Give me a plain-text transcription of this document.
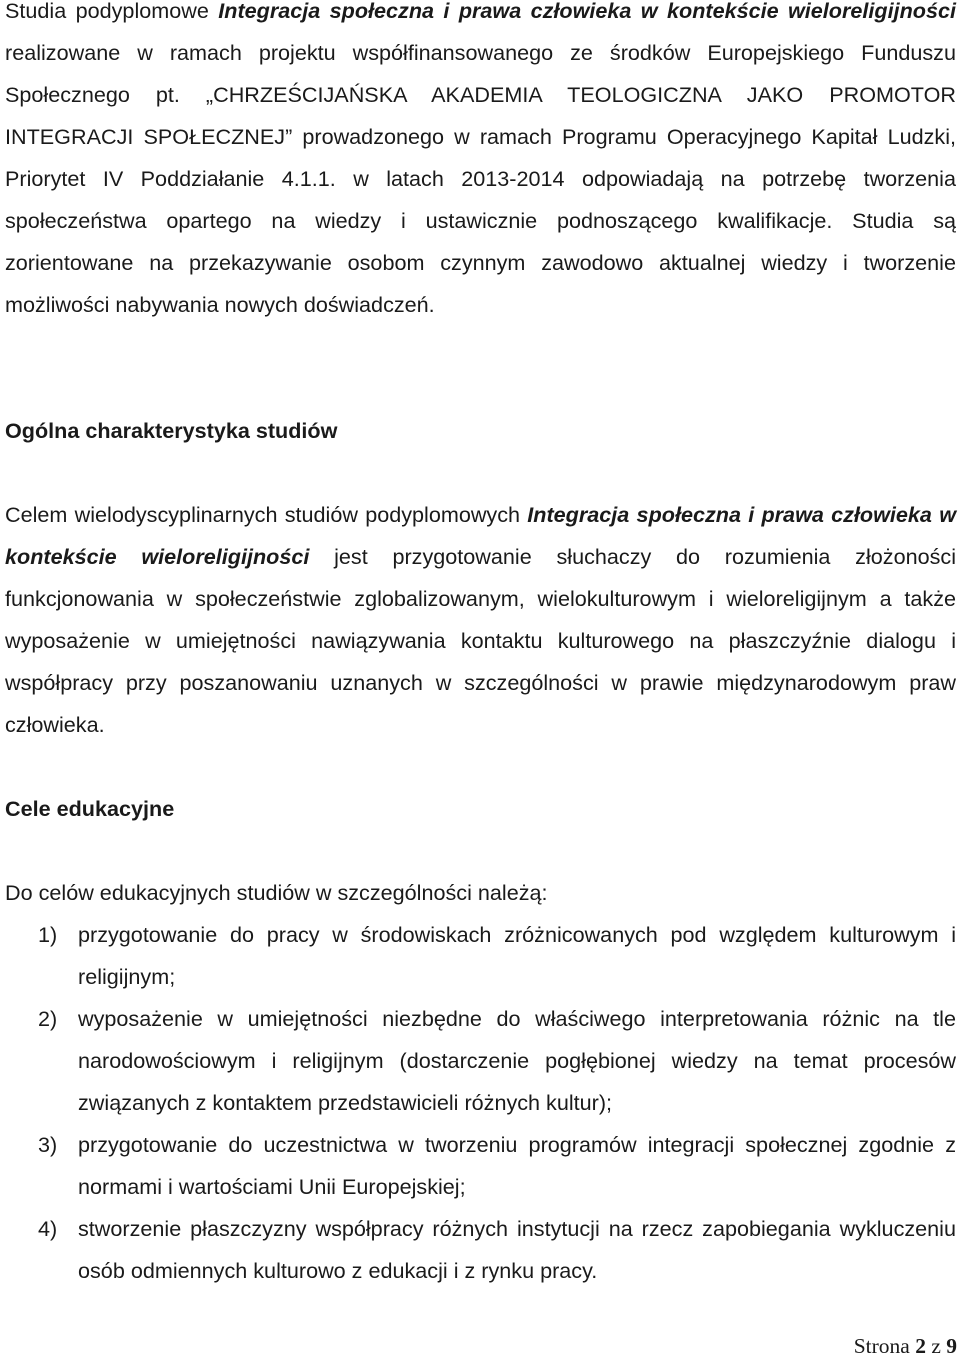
Studia podyplomowe Integracja społeczna i prawa człowieka w kontekście wieloreligijności realizowane w ramach projektu współfinansowanego ze środków Europejskiego Funduszu Społecznego pt. „CHRZEŚCIJAŃSKA AKADEMIA TEOLOGICZNA JAKO PROMOTOR INTEGRACJI SPOŁECZNEJ” prowadzonego w ramach Programu Operacyjnego Kapitał Ludzki, Priorytet IV Poddziałanie 4.1.1. w latach 2013-2014 odpowiadają na potrzebę tworzenia społeczeństwa opartego na wiedzy i ustawicznie podnoszącego kwalifikacje. Studia są zorientowane na przekazywanie osobom czynnym zawodowo aktualnej wiedzy i tworzenie możliwości nabywania nowych doświadczeń.

Ogólna charakterystyka studiów

Celem wielodyscyplinarnych studiów podyplomowych Integracja społeczna i prawa człowieka w kontekście wieloreligijności jest przygotowanie słuchaczy do rozumienia złożoności funkcjonowania w społeczeństwie zglobalizowanym, wielokulturowym i wieloreligijnym a także wyposażenie w umiejętności nawiązywania kontaktu kulturowego na płaszczyźnie dialogu i współpracy przy poszanowaniu uznanych w szczególności w prawie międzynarodowym praw człowieka.

Cele edukacyjne

Do celów edukacyjnych studiów w szczególności należą:

1) przygotowanie do pracy w środowiskach zróżnicowanych pod względem kulturowym i religijnym;
2) wyposażenie w umiejętności niezbędne do właściwego interpretowania różnic na tle narodowościowym i religijnym (dostarczenie pogłębionej wiedzy na temat procesów związanych z kontaktem przedstawicieli różnych kultur);
3) przygotowanie do uczestnictwa w tworzeniu programów integracji społecznej zgodnie z normami i wartościami Unii Europejskiej;
4) stworzenie płaszczyzny współpracy różnych instytucji na rzecz zapobiegania wykluczeniu osób odmiennych kulturowo z edukacji i z rynku pracy.
Strona 2 z 9
